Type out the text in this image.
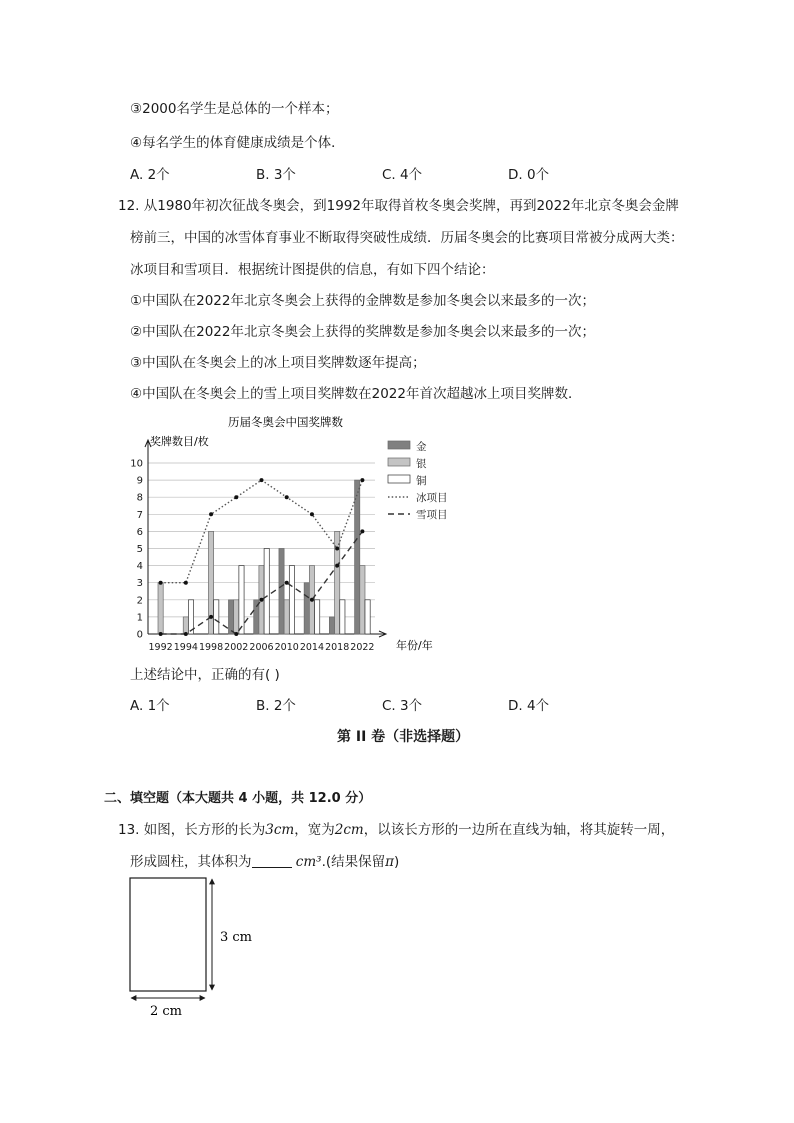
③2000名学生是总体的一个样本；
④每名学生的体育健康成绩是个体．
A. 2个	B. 3个	C. 4个	D. 0个
12. 从1980年初次征战冬奥会，到1992年取得首枚冬奥会奖牌，再到2022年北京冬奥会金牌
榜前三，中国的冰雪体育事业不断取得突破性成绩．历届冬奥会的比赛项目常被分成两大类：
冰项目和雪项目．根据统计图提供的信息，有如下四个结论：
①中国队在2022年北京冬奥会上获得的金牌数是参加冬奥会以来最多的一次；
②中国队在2022年北京冬奥会上获得的奖牌数是参加冬奥会以来最多的一次；
③中国队在冬奥会上的冰上项目奖牌数逐年提高；
④中国队在冬奥会上的雪上项目奖牌数在2022年首次超越冰上项目奖牌数．
0
1
2
3
4
5
6
7
8
9
10
1992 1994 1998 2002 2006 2010 2014 2018 2022
金
银
铜
冰项目
雪项目
历届冬奥会中国奖牌数
奖牌数目/枚
年份/年
上述结论中，正确的有( )
A. 1个	B. 2个	C. 3个	D. 4个
第 II 卷（非选择题）
二、填空题（本大题共 4 小题，共 12.0 分）
13. 如图，长方形的长为3cm，宽为2cm，以该长方形的一边所在直线为轴，将其旋转一周，
形成圆柱，其体积为	cm³.(结果保留π)
3 cm
2 cm
